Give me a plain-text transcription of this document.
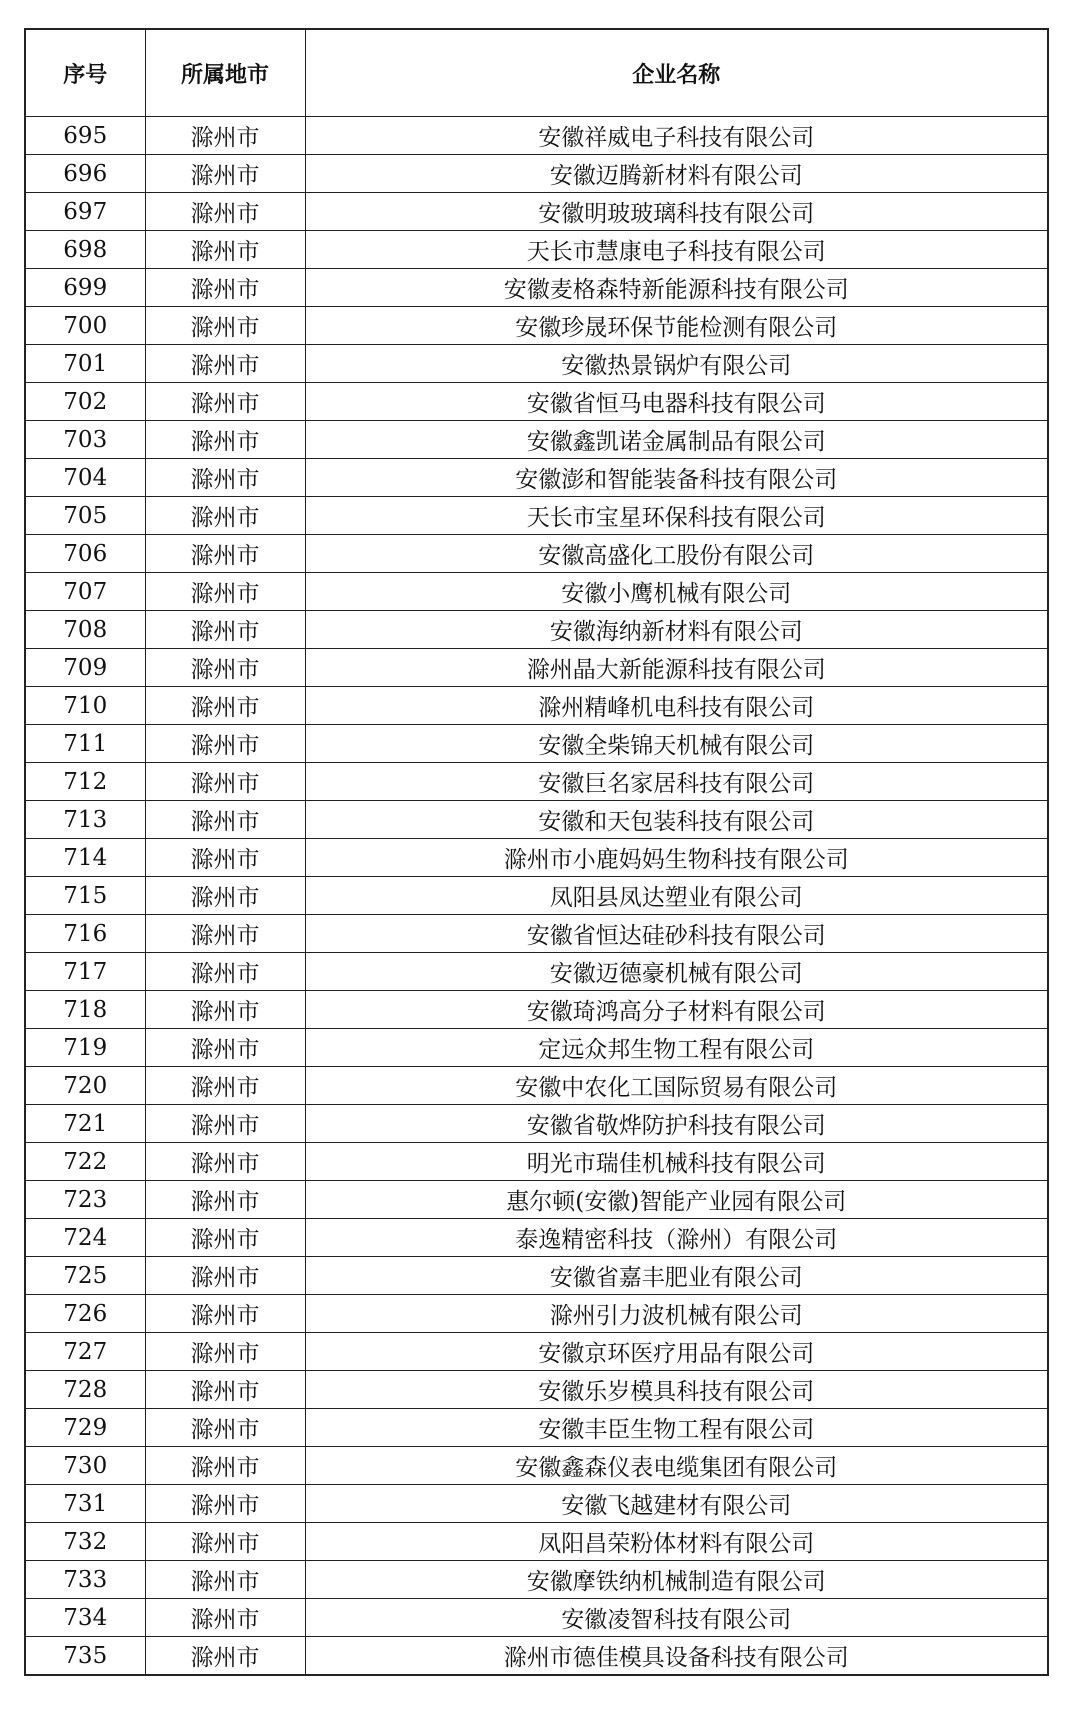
序号	所属地市	企业名称
695	滁州市	安徽祥威电子科技有限公司
696	滁州市	安徽迈腾新材料有限公司
697	滁州市	安徽明玻玻璃科技有限公司
698	滁州市	天长市慧康电子科技有限公司
699	滁州市	安徽麦格森特新能源科技有限公司
700	滁州市	安徽珍晟环保节能检测有限公司
701	滁州市	安徽热景锅炉有限公司
702	滁州市	安徽省恒马电器科技有限公司
703	滁州市	安徽鑫凯诺金属制品有限公司
704	滁州市	安徽澎和智能装备科技有限公司
705	滁州市	天长市宝星环保科技有限公司
706	滁州市	安徽高盛化工股份有限公司
707	滁州市	安徽小鹰机械有限公司
708	滁州市	安徽海纳新材料有限公司
709	滁州市	滁州晶大新能源科技有限公司
710	滁州市	滁州精峰机电科技有限公司
711	滁州市	安徽全柴锦天机械有限公司
712	滁州市	安徽巨名家居科技有限公司
713	滁州市	安徽和天包装科技有限公司
714	滁州市	滁州市小鹿妈妈生物科技有限公司
715	滁州市	凤阳县凤达塑业有限公司
716	滁州市	安徽省恒达硅砂科技有限公司
717	滁州市	安徽迈德豪机械有限公司
718	滁州市	安徽琦鸿高分子材料有限公司
719	滁州市	定远众邦生物工程有限公司
720	滁州市	安徽中农化工国际贸易有限公司
721	滁州市	安徽省敬烨防护科技有限公司
722	滁州市	明光市瑞佳机械科技有限公司
723	滁州市	惠尔顿(安徽)智能产业园有限公司
724	滁州市	泰逸精密科技（滁州）有限公司
725	滁州市	安徽省嘉丰肥业有限公司
726	滁州市	滁州引力波机械有限公司
727	滁州市	安徽京环医疗用品有限公司
728	滁州市	安徽乐岁模具科技有限公司
729	滁州市	安徽丰臣生物工程有限公司
730	滁州市	安徽鑫森仪表电缆集团有限公司
731	滁州市	安徽飞越建材有限公司
732	滁州市	凤阳昌荣粉体材料有限公司
733	滁州市	安徽摩铁纳机械制造有限公司
734	滁州市	安徽凌智科技有限公司
735	滁州市	滁州市德佳模具设备科技有限公司
